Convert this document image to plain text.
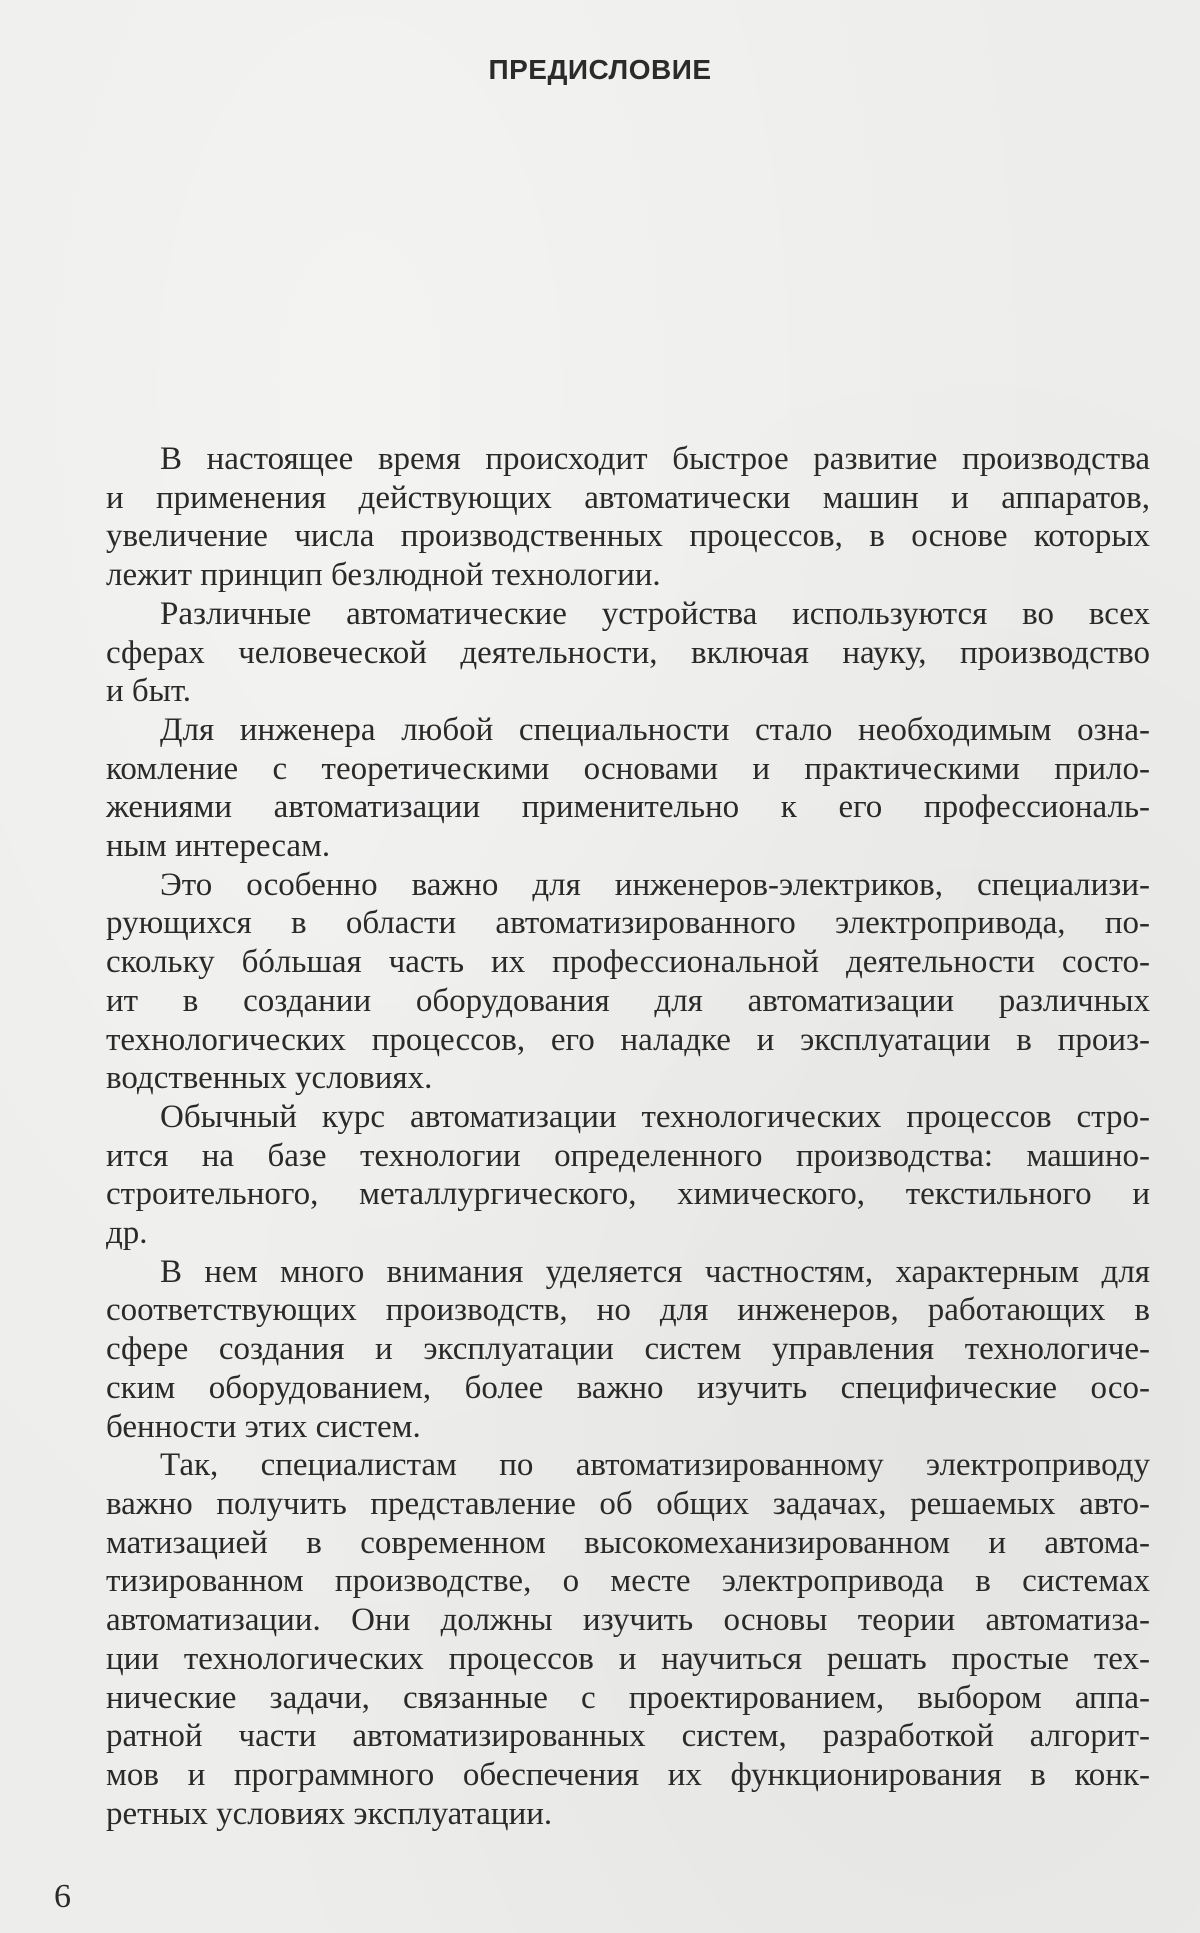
ПРЕДИСЛОВИЕ
В настоящее время происходит быстрое развитие производства
и применения действующих автоматически машин и аппаратов,
увеличение числа производственных процессов, в основе которых
лежит принцип безлюдной технологии.
Различные автоматические устройства используются во всех
сферах человеческой деятельности, включая науку, производство
и быт.
Для инженера любой специальности стало необходимым озна-
комление с теоретическими основами и практическими прило-
жениями автоматизации применительно к его профессиональ-
ным интересам.
Это особенно важно для инженеров-электриков, специализи-
рующихся в области автоматизированного электропривода, по-
скольку бóльшая часть их профессиональной деятельности состо-
ит в создании оборудования для автоматизации различных
технологических процессов, его наладке и эксплуатации в произ-
водственных условиях.
Обычный курс автоматизации технологических процессов стро-
ится на базе технологии определенного производства: машино-
строительного, металлургического, химического, текстильного и
др.
В нем много внимания уделяется частностям, характерным для
соответствующих производств, но для инженеров, работающих в
сфере создания и эксплуатации систем управления технологиче-
ским оборудованием, более важно изучить специфические осо-
бенности этих систем.
Так, специалистам по автоматизированному электроприводу
важно получить представление об общих задачах, решаемых авто-
матизацией в современном высокомеханизированном и автома-
тизированном производстве, о месте электропривода в системах
автоматизации. Они должны изучить основы теории автоматиза-
ции технологических процессов и научиться решать простые тех-
нические задачи, связанные с проектированием, выбором аппа-
ратной части автоматизированных систем, разработкой алгорит-
мов и программного обеспечения их функционирования в конк-
ретных условиях эксплуатации.
6
